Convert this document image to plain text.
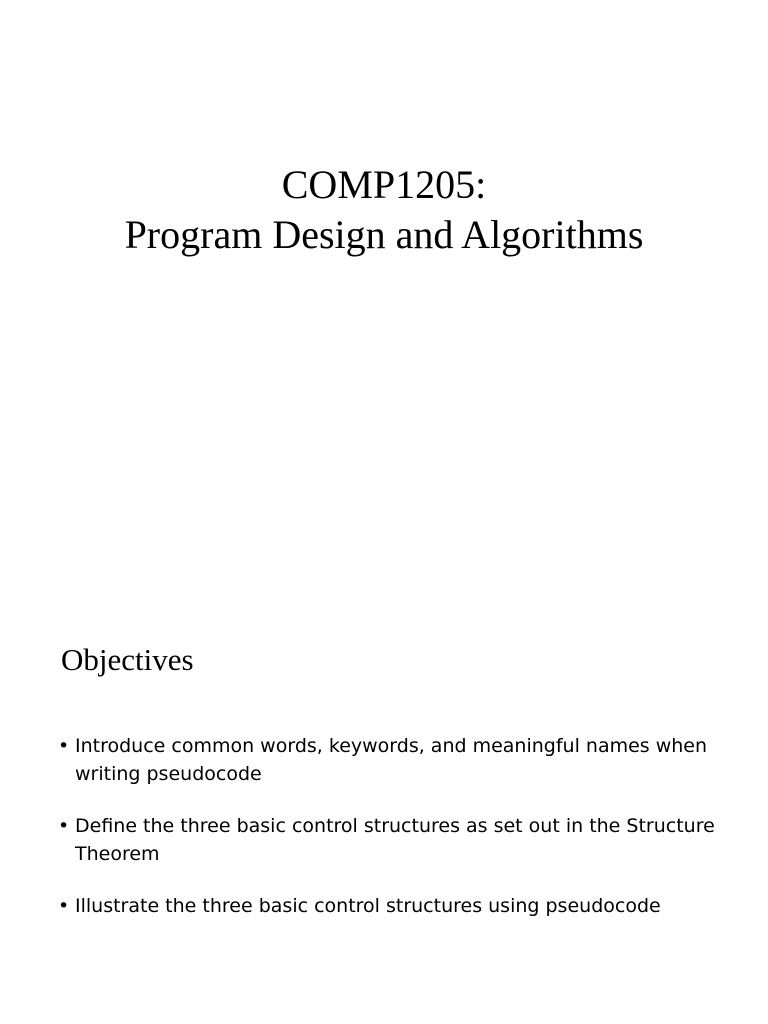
COMP1205:
Program Design and Algorithms
Objectives
• Introduce common words, keywords, and meaningful names when writing pseudocode
• Define the three basic control structures as set out in the Structure Theorem
• Illustrate the three basic control structures using pseudocode
